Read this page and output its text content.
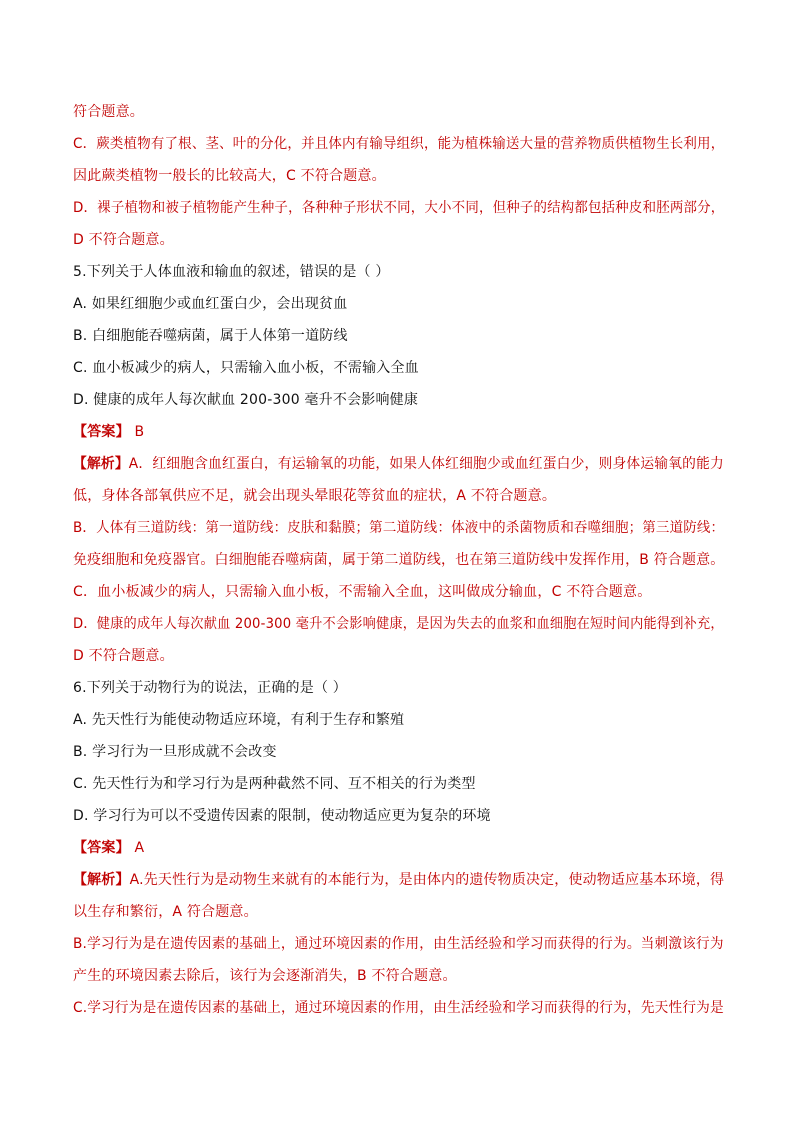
符合题意。
C．蕨类植物有了根、茎、叶的分化，并且体内有输导组织，能为植株输送大量的营养物质供植物生长利用，
因此蕨类植物一般长的比较高大，C 不符合题意。
D．裸子植物和被子植物能产生种子，各种种子形状不同，大小不同，但种子的结构都包括种皮和胚两部分，
D 不符合题意。
5.下列关于人体血液和输血的叙述，错误的是（ ）
A. 如果红细胞少或血红蛋白少，会出现贫血
B. 白细胞能吞噬病菌，属于人体第一道防线
C. 血小板减少的病人，只需输入血小板，不需输入全血
D. 健康的成年人每次献血 200-300 毫升不会影响健康
【答案】 B
【解析】A．红细胞含血红蛋白，有运输氧的功能，如果人体红细胞少或血红蛋白少，则身体运输氧的能力
低，身体各部氧供应不足，就会出现头晕眼花等贫血的症状，A 不符合题意。
B．人体有三道防线：第一道防线：皮肤和黏膜；第二道防线：体液中的杀菌物质和吞噬细胞；第三道防线：
免疫细胞和免疫器官。白细胞能吞噬病菌，属于第二道防线，也在第三道防线中发挥作用，B 符合题意。
C．血小板减少的病人，只需输入血小板，不需输入全血，这叫做成分输血，C 不符合题意。
D．健康的成年人每次献血 200-300 毫升不会影响健康，是因为失去的血浆和血细胞在短时间内能得到补充，
D 不符合题意。
6.下列关于动物行为的说法，正确的是（ ）
A. 先天性行为能使动物适应环境，有利于生存和繁殖
B. 学习行为一旦形成就不会改变
C. 先天性行为和学习行为是两种截然不同、互不相关的行为类型
D. 学习行为可以不受遗传因素的限制，使动物适应更为复杂的环境
【答案】 A
【解析】A.先天性行为是动物生来就有的本能行为，是由体内的遗传物质决定，使动物适应基本环境，得
以生存和繁衍，A 符合题意。
B.学习行为是在遗传因素的基础上，通过环境因素的作用，由生活经验和学习而获得的行为。当刺激该行为
产生的环境因素去除后，该行为会逐渐消失，B 不符合题意。
C.学习行为是在遗传因素的基础上，通过环境因素的作用，由生活经验和学习而获得的行为，先天性行为是
